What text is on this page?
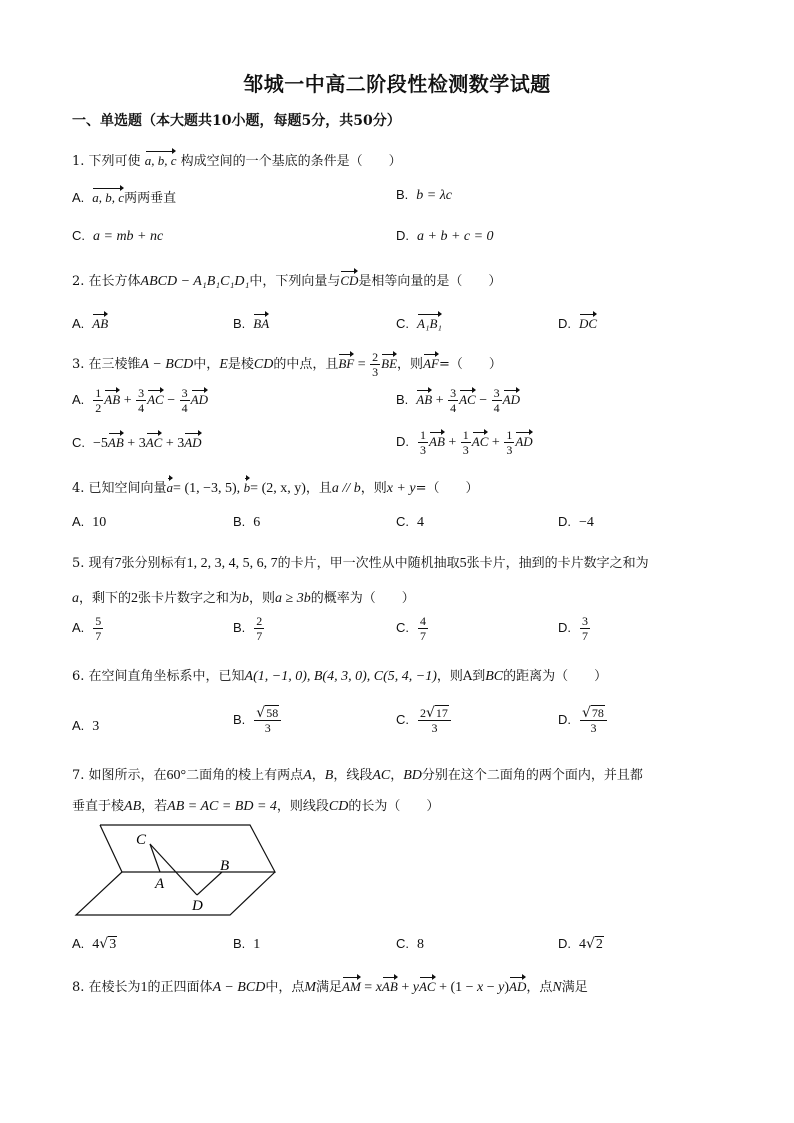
邹城一中高二阶段性检测数学试题
一、单选题（本大题共10小题，每题5分，共50分）
1. 下列可使 a, b, c 构成空间的一个基底的条件是（　　）
A. a, b, c两两垂直	B. b = λc
C. a = mb + nc	D. a + b + c = 0
2. 在长方体ABCD − A₁B₁C₁D₁中，下列向量与CD是相等向量的是（　　）
A. AB	B. BA	C. A₁B₁	D. DC
3. 在三棱锥A − BCD中，E是棱CD的中点，且BF = $\frac{2}{3}$ BE，则AF=（　　）
A. $\frac{1}{2}$ AB + $\frac{3}{4}$ AC − $\frac{3}{4}$ AD	B. AB + $\frac{3}{4}$ AC − $\frac{3}{4}$ AD
C. −5AB + 3AC + 3AD	D. $\frac{1}{3}$ AB + $\frac{1}{3}$ AC + $\frac{1}{3}$ AD
4. 已知空间向量a= (1, −3, 5), b= (2, x, y)，且a // b，则x + y=（　　）
A. 10	B. 6	C. 4	D. −4
5. 现有7张分别标有1, 2, 3, 4, 5, 6, 7的卡片，甲一次性从中随机抽取5张卡片，抽到的卡片数字之和为
a，剩下的2张卡片数字之和为b，则a ≥ 3b的概率为（　　）
A. $\frac{5}{7}$	B. $\frac{2}{7}$	C. $\frac{4}{7}$	D. $\frac{3}{7}$
6. 在空间直角坐标系中，已知A(1, −1, 0), B(4, 3, 0), C(5, 4, −1)，则A到BC的距离为（　　）
A. 3	B. $\frac{√58}{3}$	C. $\frac{2√17}{3}$	D. $\frac{√78}{3}$
7. 如图所示，在60°二面角的棱上有两点A，B，线段AC，BD分别在这个二面角的两个面内，并且都
垂直于棱AB，若AB = AC = BD = 4，则线段CD的长为（　　）
C
A
B
D
A. 4√3	B. 1	C. 8	D. 4√2
8. 在棱长为1的正四面体A − BCD中，点M满足AM = xAB + yAC + (1 − x − y)AD，点N满足
